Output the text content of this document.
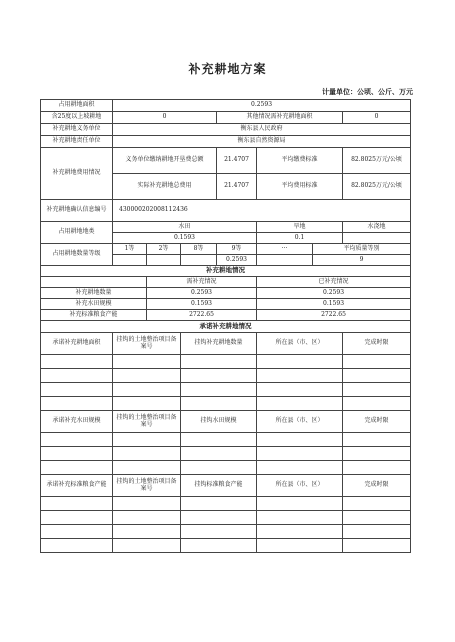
补充耕地方案
计量单位：公顷、公斤、万元
占用耕地面积	0.2593						
含25度以上坡耕地	0			其他情况需补充耕地面积			0
补充耕地义务单位	衡东县人民政府						
补充耕地责任单位	衡东县自然资源局						
补充耕地费用情况	义务单位缴纳耕地开垦费总额			21.4707	平均缴费标准		82.8025万元/公顷
	实际补充耕地总费用			21.4707	平均费用标准		82.8025万元/公顷
补充耕地确认信息编号	430000202008112436						
占用耕地地类	水田				旱地		水浇地
	0.1593				0.1		
占用耕地数量等级	1等	2等	8等	9等	···	平均质量等别	
				0.2593		9	
补充耕地情况							
		需补充情况			已补充情况		
补充耕地数量		0.2593			0.2593		
补充水田规模		0.1593			0.1593		
补充标准粮食产能		2722.65			2722.65		
承诺补充耕地情况							
承诺补充耕地面积	挂钩的土地整治项目备案号		挂钩补充耕地数量		所在县（市、区）		完成时限

承诺补充水田规模	挂钩的土地整治项目备案号		挂钩水田规模		所在县（市、区）		完成时限

承诺补充标准粮食产能	挂钩的土地整治项目备案号		挂钩标准粮食产能		所在县（市、区）		完成时限
